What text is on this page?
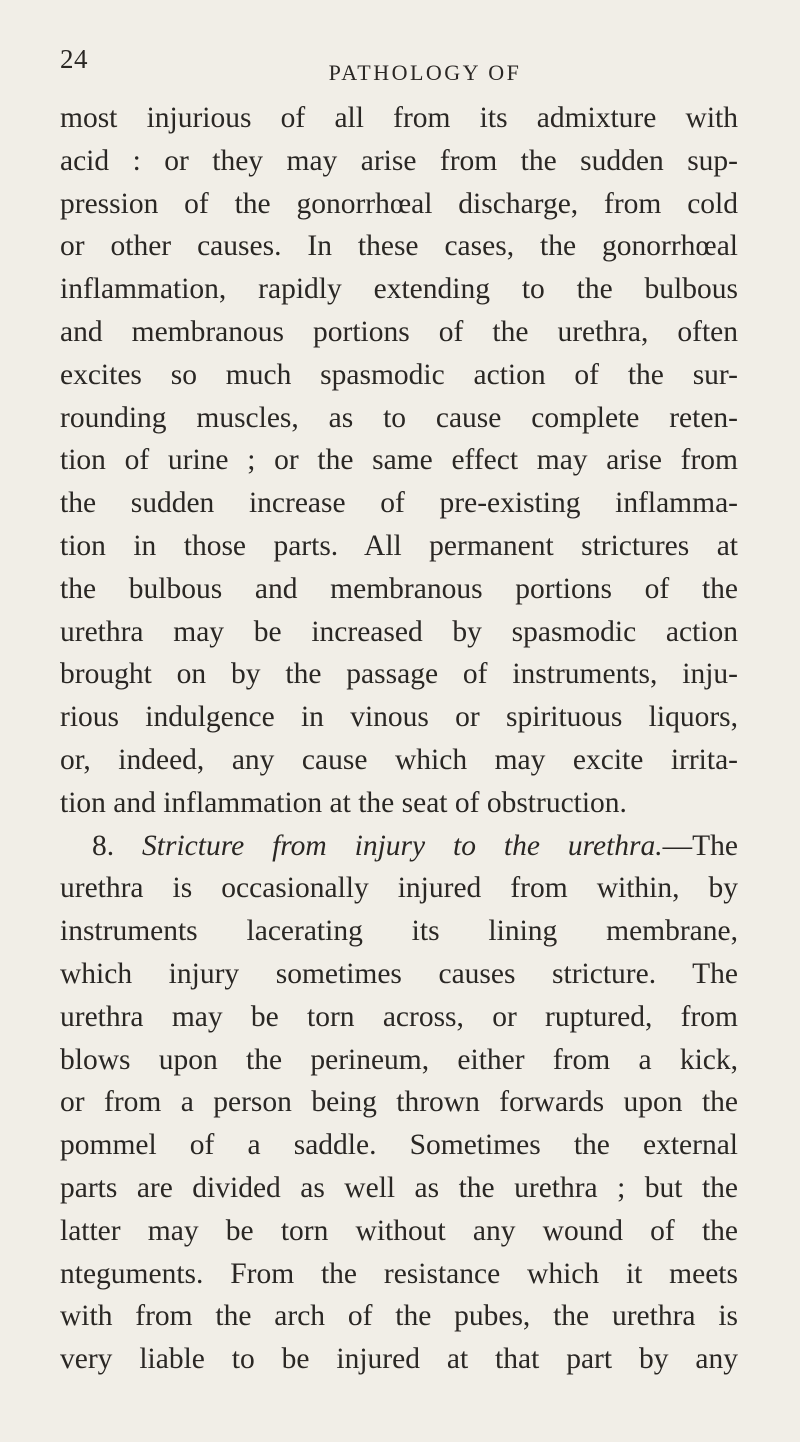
24	PATHOLOGY OF
most injurious of all from its admixture with
acid : or they may arise from the sudden sup-
pression of the gonorrhœal discharge, from cold
or other causes. In these cases, the gonorrhœal
inflammation, rapidly extending to the bulbous
and membranous portions of the urethra, often
excites so much spasmodic action of the sur-
rounding muscles, as to cause complete reten-
tion of urine ; or the same effect may arise from
the sudden increase of pre-existing inflamma-
tion in those parts. All permanent strictures at
the bulbous and membranous portions of the
urethra may be increased by spasmodic action
brought on by the passage of instruments, inju-
rious indulgence in vinous or spirituous liquors,
or, indeed, any cause which may excite irrita-
tion and inflammation at the seat of obstruction.
8. Stricture from injury to the urethra.—The
urethra is occasionally injured from within, by
instruments lacerating its lining membrane,
which injury sometimes causes stricture. The
urethra may be torn across, or ruptured, from
blows upon the perineum, either from a kick,
or from a person being thrown forwards upon the
pommel of a saddle. Sometimes the external
parts are divided as well as the urethra ; but the
latter may be torn without any wound of the
nteguments. From the resistance which it meets
with from the arch of the pubes, the urethra is
very liable to be injured at that part by any
